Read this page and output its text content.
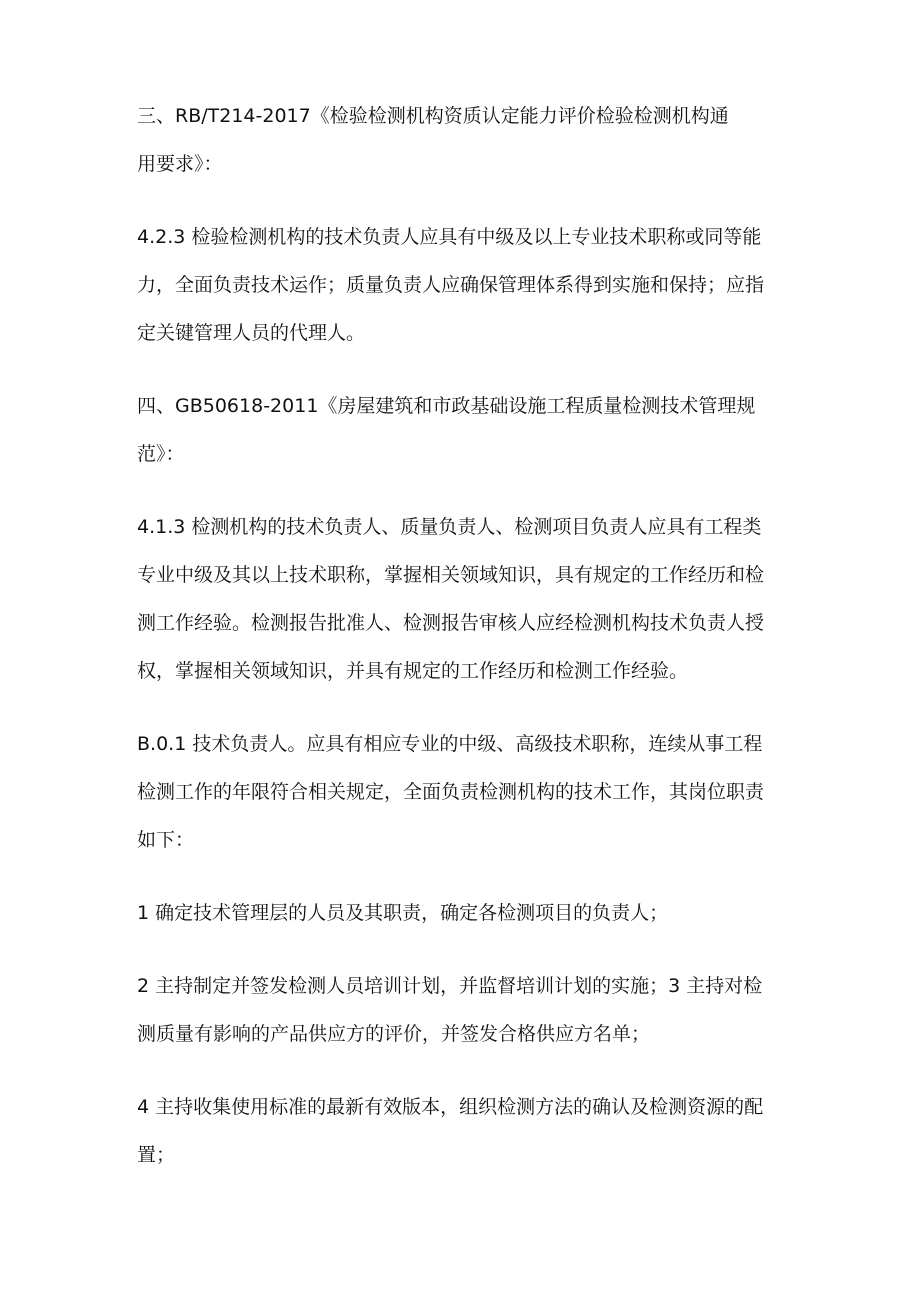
三、RB/T214-2017《检验检测机构资质认定能力评价检验检测机构通
用要求》：

4.2.3 检验检测机构的技术负责人应具有中级及以上专业技术职称或同等能
力，全面负责技术运作；质量负责人应确保管理体系得到实施和保持；应指
定关键管理人员的代理人。

四、GB50618-2011《房屋建筑和市政基础设施工程质量检测技术管理规
范》：

4.1.3 检测机构的技术负责人、质量负责人、检测项目负责人应具有工程类
专业中级及其以上技术职称，掌握相关领域知识，具有规定的工作经历和检
测工作经验。检测报告批准人、检测报告审核人应经检测机构技术负责人授
权，掌握相关领域知识，并具有规定的工作经历和检测工作经验。

B.0.1 技术负责人。应具有相应专业的中级、高级技术职称，连续从事工程
检测工作的年限符合相关规定，全面负责检测机构的技术工作，其岗位职责
如下：

1 确定技术管理层的人员及其职责，确定各检测项目的负责人；

2 主持制定并签发检测人员培训计划，并监督培训计划的实施；3 主持对检
测质量有影响的产品供应方的评价，并签发合格供应方名单；

4 主持收集使用标准的最新有效版本，组织检测方法的确认及检测资源的配
置；
